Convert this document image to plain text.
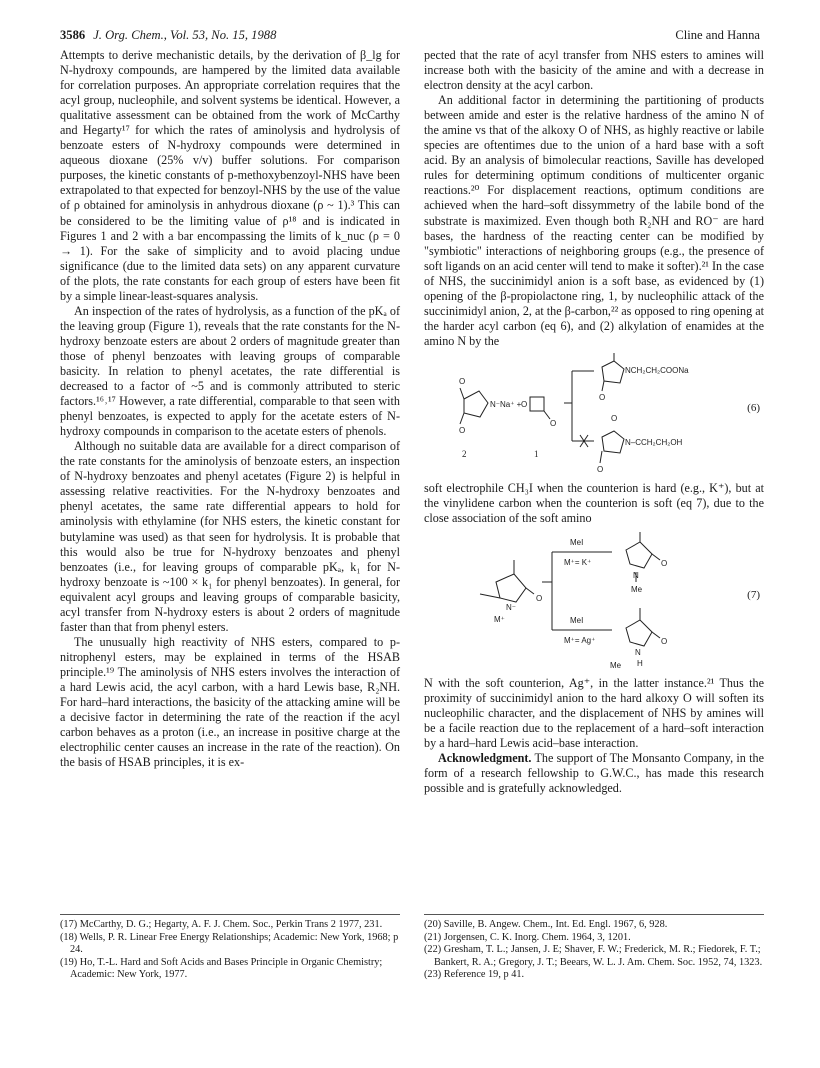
3586 J. Org. Chem., Vol. 53, No. 15, 1988	Cline and Hanna

Attempts to derive mechanistic details, by the derivation of β_lg for N-hydroxy compounds, are hampered by the limited data available for correlation purposes. An appropriate correlation requires that the acyl group, nucleophile, and solvent systems be identical. However, a qualitative assessment can be obtained from the work of McCarthy and Hegarty¹⁷ for which the rates of aminolysis and hydrolysis of benzoate esters of N-hydroxy compounds were determined in aqueous dioxane (25% v/v) buffer solutions. For comparison purposes, the kinetic constants of p-methoxybenzoyl-NHS have been extrapolated to that expected for benzoyl-NHS by the use of the value of ρ obtained for aminolysis in anhydrous dioxane (ρ ~ 1).³ This can be considered to be the limiting value of ρ¹⁸ and is indicated in Figures 1 and 2 with a bar encompassing the limits of k_nuc (ρ = 0 → 1). For the sake of simplicity and to avoid placing undue significance (due to the limited data sets) on any apparent curvature of the plots, the rate constants for each group of esters have been fit by a simple linear-least-squares analysis.

An inspection of the rates of hydrolysis, as a function of the pKₐ of the leaving group (Figure 1), reveals that the rate constants for the N-hydroxy benzoate esters are about 2 orders of magnitude greater than those of phenyl benzoates with leaving groups of comparable basicity. In relation to phenyl acetates, the rate differential is decreased to a factor of ~5 and is commonly attributed to steric factors.¹⁶˒¹⁷ However, a rate differential, comparable to that seen with phenyl benzoates, is expected to apply for the acetate esters of N-hydroxy compounds in comparison to the acetate esters of phenols.

Although no suitable data are available for a direct comparison of the rate constants for the aminolysis of benzoate esters, an inspection of N-hydroxy benzoates and phenyl acetates (Figure 2) is helpful in assessing relative reactivities. For the N-hydroxy benzoates and phenyl acetates, the same rate differential appears to hold for aminolysis with ethylamine (for NHS esters, the kinetic constant for butylamine was used) as that seen for hydrolysis. It is probable that this would also be true for N-hydroxy benzoates and phenyl benzoates (i.e., for leaving groups of comparable pKₐ, k₁ for N-hydroxy benzoate is ~100 × k₁ for phenyl benzoates). In general, for equivalent acyl groups and leaving groups of comparable basicity, acyl transfer from N-hydroxy esters is about 2 orders of magnitude faster than that from phenyl esters.

The unusually high reactivity of NHS esters, compared to p-nitrophenyl esters, may be explained in terms of the HSAB principle.¹⁹ The aminolysis of NHS esters involves the interaction of a hard Lewis acid, the acyl carbon, with a hard Lewis base, R₂NH. For hard–hard interactions, the basicity of the attacking amine will be a decisive factor in determining the rate of the reaction if the acyl carbon behaves as a proton (i.e., an increase in positive charge at the electrophilic center causes an increase in the rate of the reaction). On the basis of HSAB principles, it is ex-

pected that the rate of acyl transfer from NHS esters to amines will increase both with the basicity of the amine and with a decrease in electron density at the acyl carbon.

An additional factor in determining the partitioning of products between amide and ester is the relative hardness of the amino N of the amine vs that of the alkoxy O of NHS, as highly reactive or labile species are oftentimes due to the union of a hard base with a soft acid. By an analysis of bimolecular reactions, Saville has developed rules for determining optimum conditions of multicenter organic reactions.²⁰ For displacement reactions, optimum conditions are achieved when the hard–soft dissymmetry of the labile bond of the substrate is maximized. Even though both R₂NH and RO⁻ are hard bases, the hardness of the reacting center can be modified by "symbiotic" interactions of neighboring groups (e.g., the presence of soft ligands on an acid center will tend to make it softer).²¹ In the case of NHS, the succinimidyl anion is a soft base, as evidenced by (1) opening of the β-propiolactone ring, 1, by nucleophilic attack of the succinimidyl anion, 2, at the β-carbon,²² as opposed to ring opening at the harder acyl carbon (eq 6), and (2) alkylation of enamides at the amino N by the

O
O
N⁻Na⁺ + O
O
2	1
NCH₂CH₂COONa
O
O
N–CCH₂CH₂OH
O
(6)

soft electrophile CH₃I when the counterion is hard (e.g., K⁺), but at the vinylidene carbon when the counterion is soft (eq 7), due to the close association of the soft amino

MeI
M⁺= K⁺
MeI
M⁺= Ag⁺
N⁻
M⁺
O
N
Me
O
N
H
Me
O
(7)

N with the soft counterion, Ag⁺, in the latter instance.²¹ Thus the proximity of succinimidyl anion to the hard alkoxy O will soften its nucleophilic character, and the displacement of NHS by amines will be a facile reaction due to the replacement of a hard–soft interaction by a hard–hard Lewis acid–base interaction.

Acknowledgment. The support of The Monsanto Company, in the form of a research fellowship to G.W.C., has made this research possible and is gratefully acknowledged.

(17) McCarthy, D. G.; Hegarty, A. F. J. Chem. Soc., Perkin Trans 2 1977, 231.

(18) Wells, P. R. Linear Free Energy Relationships; Academic: New York, 1968; p 24.

(19) Ho, T.-L. Hard and Soft Acids and Bases Principle in Organic Chemistry; Academic: New York, 1977.

(20) Saville, B. Angew. Chem., Int. Ed. Engl. 1967, 6, 928.

(21) Jorgensen, C. K. Inorg. Chem. 1964, 3, 1201.

(22) Gresham, T. L.; Jansen, J. E; Shaver, F. W.; Frederick, M. R.; Fiedorek, F. T.; Bankert, R. A.; Gregory, J. T.; Beears, W. L. J. Am. Chem. Soc. 1952, 74, 1323.

(23) Reference 19, p 41.
